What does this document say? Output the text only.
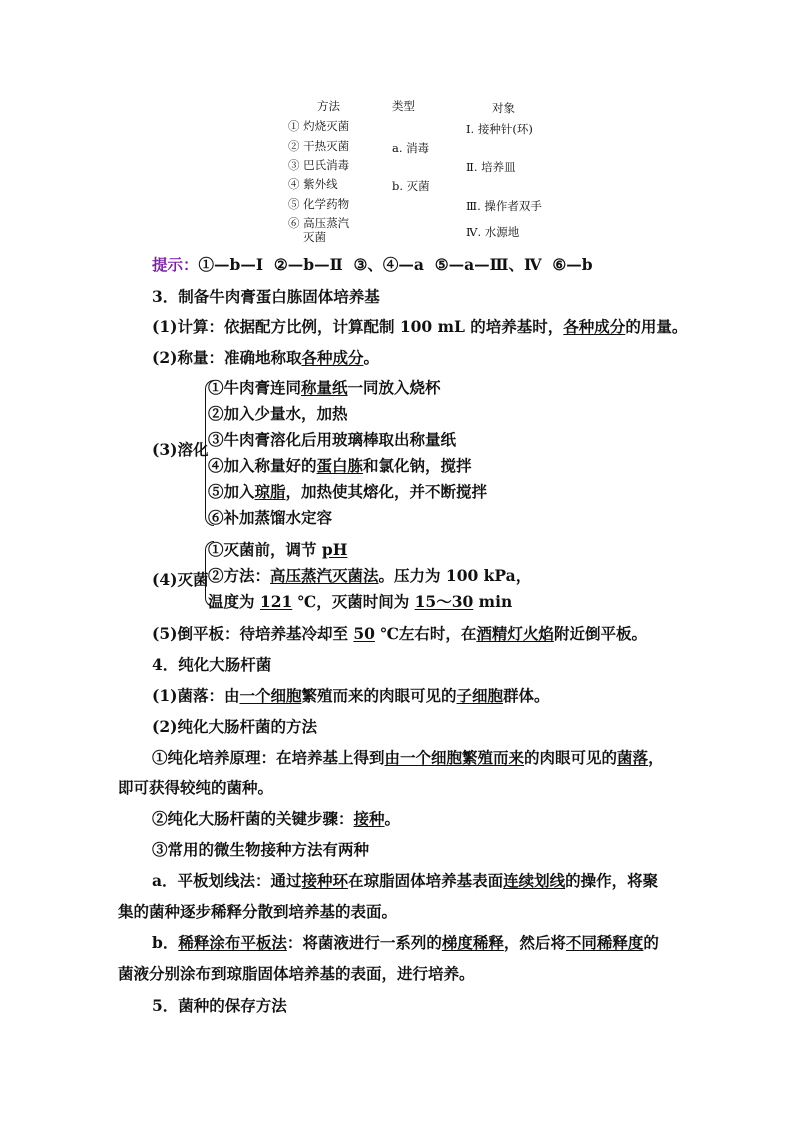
方法	类型	对象
① 灼烧灭菌
② 干热灭菌
③ 巴氏消毒
④ 紫外线
⑤ 化学药物
⑥ 高压蒸汽
灭菌
a. 消毒
b. 灭菌
Ⅰ. 接种针(环)
Ⅱ. 培养皿
Ⅲ. 操作者双手
Ⅳ. 水源地
提示：①—b—Ⅰ  ②—b—Ⅱ  ③、④—a  ⑤—a—Ⅲ、Ⅳ  ⑥—b
3．制备牛肉膏蛋白胨固体培养基
(1)计算：依据配方比例，计算配制 100 mL 的培养基时，各种成分的用量。
(2)称量：准确地称取各种成分。
(3)溶化
①牛肉膏连同称量纸一同放入烧杯
②加入少量水，加热
③牛肉膏溶化后用玻璃棒取出称量纸
④加入称量好的蛋白胨和氯化钠，搅拌
⑤加入琼脂，加热使其熔化，并不断搅拌
⑥补加蒸馏水定容
(4)灭菌
①灭菌前，调节 pH
②方法：高压蒸汽灭菌法。压力为 100 kPa，
温度为 121 ℃，灭菌时间为 15～30 min
(5)倒平板：待培养基冷却至 50 ℃左右时，在酒精灯火焰附近倒平板。
4．纯化大肠杆菌
(1)菌落：由一个细胞繁殖而来的肉眼可见的子细胞群体。
(2)纯化大肠杆菌的方法
①纯化培养原理：在培养基上得到由一个细胞繁殖而来的肉眼可见的菌落，
即可获得较纯的菌种。
②纯化大肠杆菌的关键步骤：接种。
③常用的微生物接种方法有两种
a．平板划线法：通过接种环在琼脂固体培养基表面连续划线的操作，将聚
集的菌种逐步稀释分散到培养基的表面。
b．稀释涂布平板法：将菌液进行一系列的梯度稀释，然后将不同稀释度的
菌液分别涂布到琼脂固体培养基的表面，进行培养。
5．菌种的保存方法
